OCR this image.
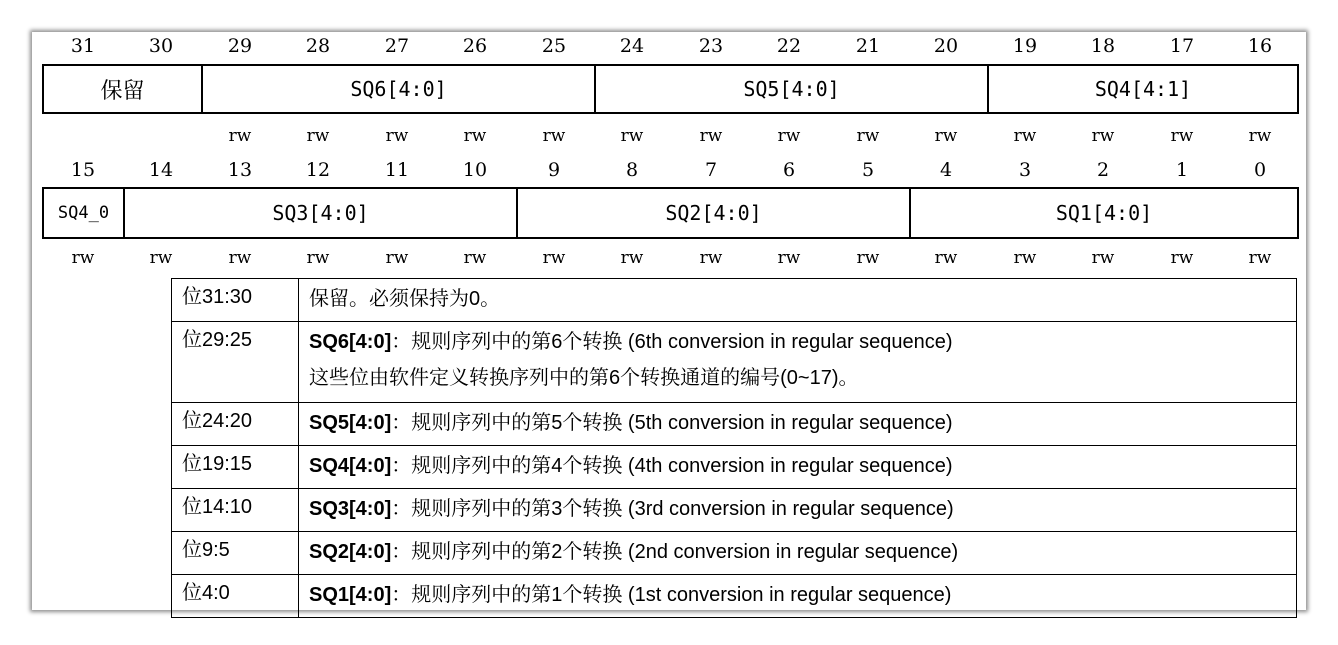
31	30	29	28	27	26	25	24	23	22	21	20	19	18	17	16
保留	SQ6[4:0]	SQ5[4:0]	SQ4[4:1]
rw	rw	rw	rw	rw	rw	rw	rw	rw	rw	rw	rw	rw	rw
15	14	13	12	11	10	9	8	7	6	5	4	3	2	1	0
SQ4_0	SQ3[4:0]	SQ2[4:0]	SQ1[4:0]
rw	rw	rw	rw	rw	rw	rw	rw	rw	rw	rw	rw	rw	rw	rw	rw
位31:30	保留。必须保持为0。
位29:25	SQ6[4:0]：规则序列中的第6个转换 (6th conversion in regular sequence)
这些位由软件定义转换序列中的第6个转换通道的编号(0~17)。
位24:20	SQ5[4:0]：规则序列中的第5个转换 (5th conversion in regular sequence)
位19:15	SQ4[4:0]：规则序列中的第4个转换 (4th conversion in regular sequence)
位14:10	SQ3[4:0]：规则序列中的第3个转换 (3rd conversion in regular sequence)
位9:5	SQ2[4:0]：规则序列中的第2个转换 (2nd conversion in regular sequence)
位4:0	SQ1[4:0]：规则序列中的第1个转换 (1st conversion in regular sequence)
